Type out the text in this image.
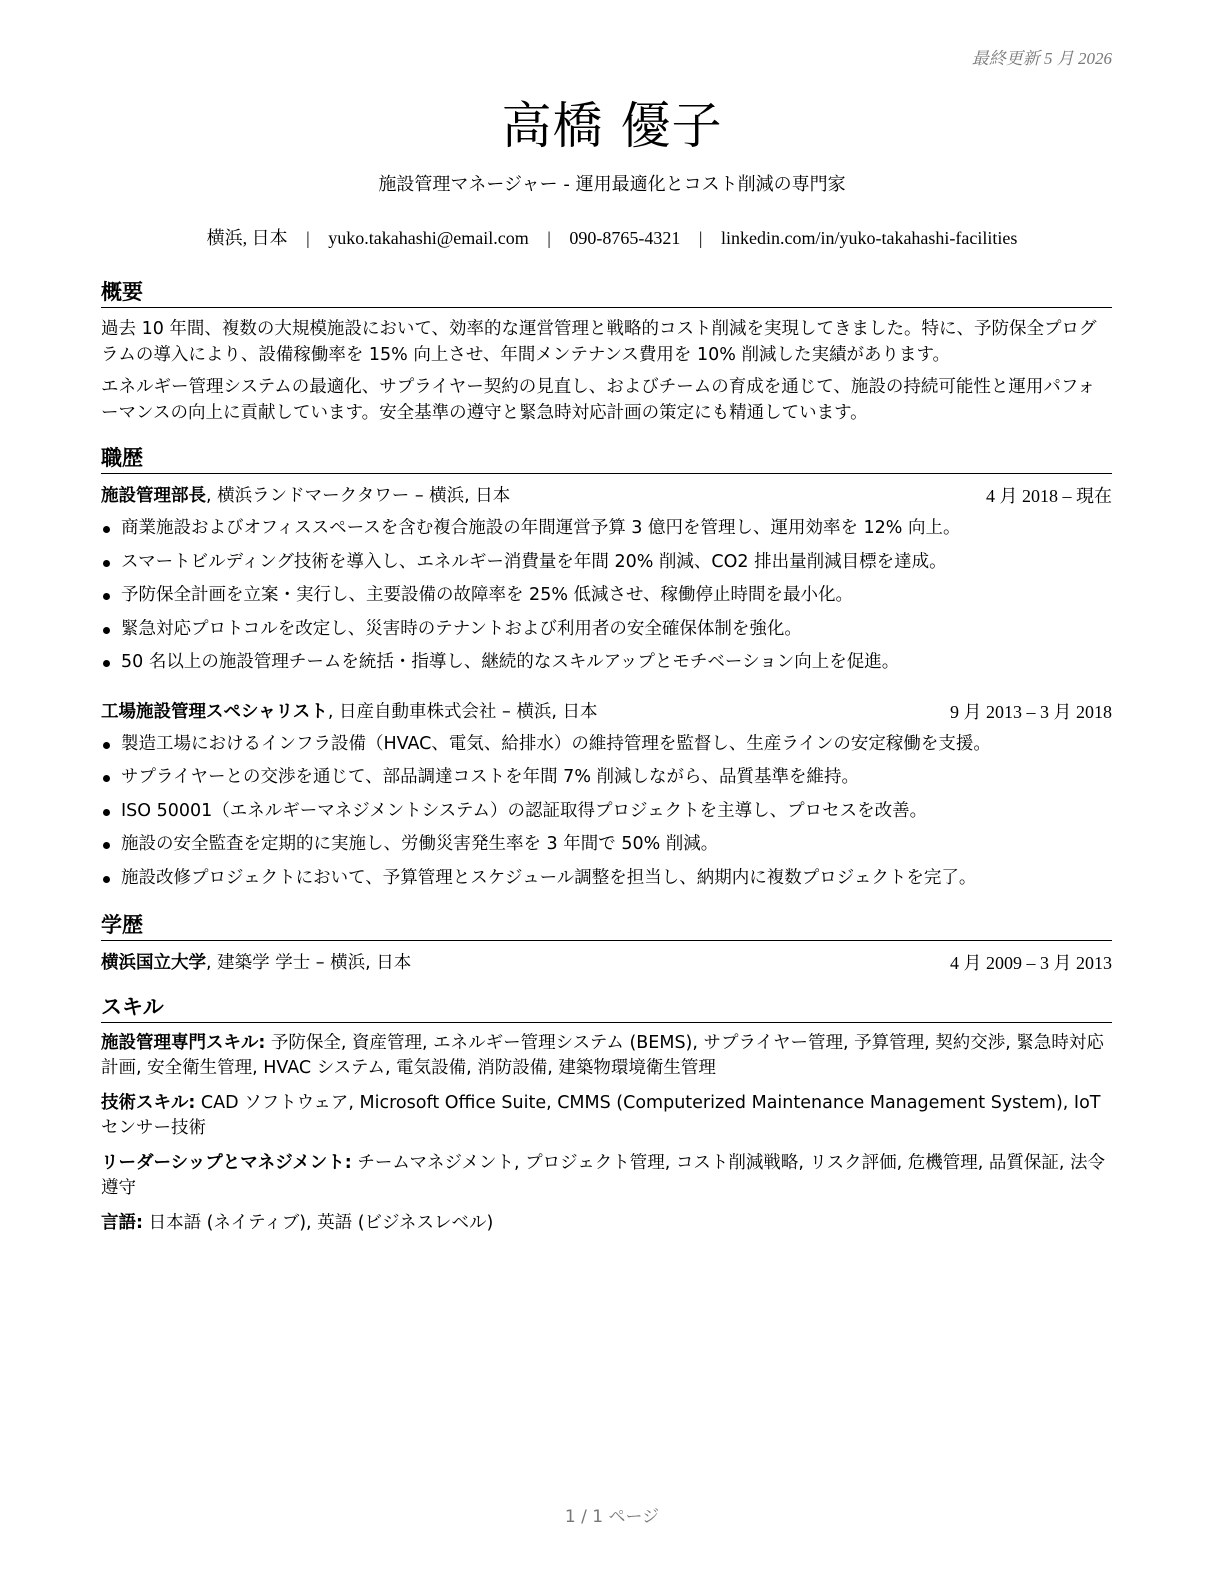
最終更新 5 月 2026
高橋 優子
施設管理マネージャー - 運用最適化とコスト削減の専門家
横浜, 日本 | yuko.takahashi@email.com | 090-8765-4321 | linkedin.com/in/yuko-takahashi-facilities
概要

過去 10 年間、複数の大規模施設において、効率的な運営管理と戦略的コスト削減を実現してきました。特に、予防保全プログラムの導入により、設備稼働率を 15% 向上させ、年間メンテナンス費用を 10% 削減した実績があります。

エネルギー管理システムの最適化、サプライヤー契約の見直し、およびチームの育成を通じて、施設の持続可能性と運用パフォーマンスの向上に貢献しています。安全基準の遵守と緊急時対応計画の策定にも精通しています。

職歴
施設管理部長, 横浜ランドマークタワー – 横浜, 日本	4 月 2018 – 現在
商業施設およびオフィススペースを含む複合施設の年間運営予算 3 億円を管理し、運用効率を 12% 向上。
スマートビルディング技術を導入し、エネルギー消費量を年間 20% 削減、CO2 排出量削減目標を達成。
予防保全計画を立案・実行し、主要設備の故障率を 25% 低減させ、稼働停止時間を最小化。
緊急対応プロトコルを改定し、災害時のテナントおよび利用者の安全確保体制を強化。
50 名以上の施設管理チームを統括・指導し、継続的なスキルアップとモチベーション向上を促進。
工場施設管理スペシャリスト, 日産自動車株式会社 – 横浜, 日本	9 月 2013 – 3 月 2018
製造工場におけるインフラ設備（HVAC、電気、給排水）の維持管理を監督し、生産ラインの安定稼働を支援。
サプライヤーとの交渉を通じて、部品調達コストを年間 7% 削減しながら、品質基準を維持。
ISO 50001（エネルギーマネジメントシステム）の認証取得プロジェクトを主導し、プロセスを改善。
施設の安全監査を定期的に実施し、労働災害発生率を 3 年間で 50% 削減。
施設改修プロジェクトにおいて、予算管理とスケジュール調整を担当し、納期内に複数プロジェクトを完了。
学歴
横浜国立大学, 建築学 学士 – 横浜, 日本	4 月 2009 – 3 月 2013
スキル

施設管理専門スキル: 予防保全, 資産管理, エネルギー管理システム (BEMS), サプライヤー管理, 予算管理, 契約交渉, 緊急時対応計画, 安全衛生管理, HVAC システム, 電気設備, 消防設備, 建築物環境衛生管理

技術スキル: CAD ソフトウェア, Microsoft Office Suite, CMMS (Computerized Maintenance Management System), IoT センサー技術

リーダーシップとマネジメント: チームマネジメント, プロジェクト管理, コスト削減戦略, リスク評価, 危機管理, 品質保証, 法令遵守

言語: 日本語 (ネイティブ), 英語 (ビジネスレベル)

1 / 1 ページ
